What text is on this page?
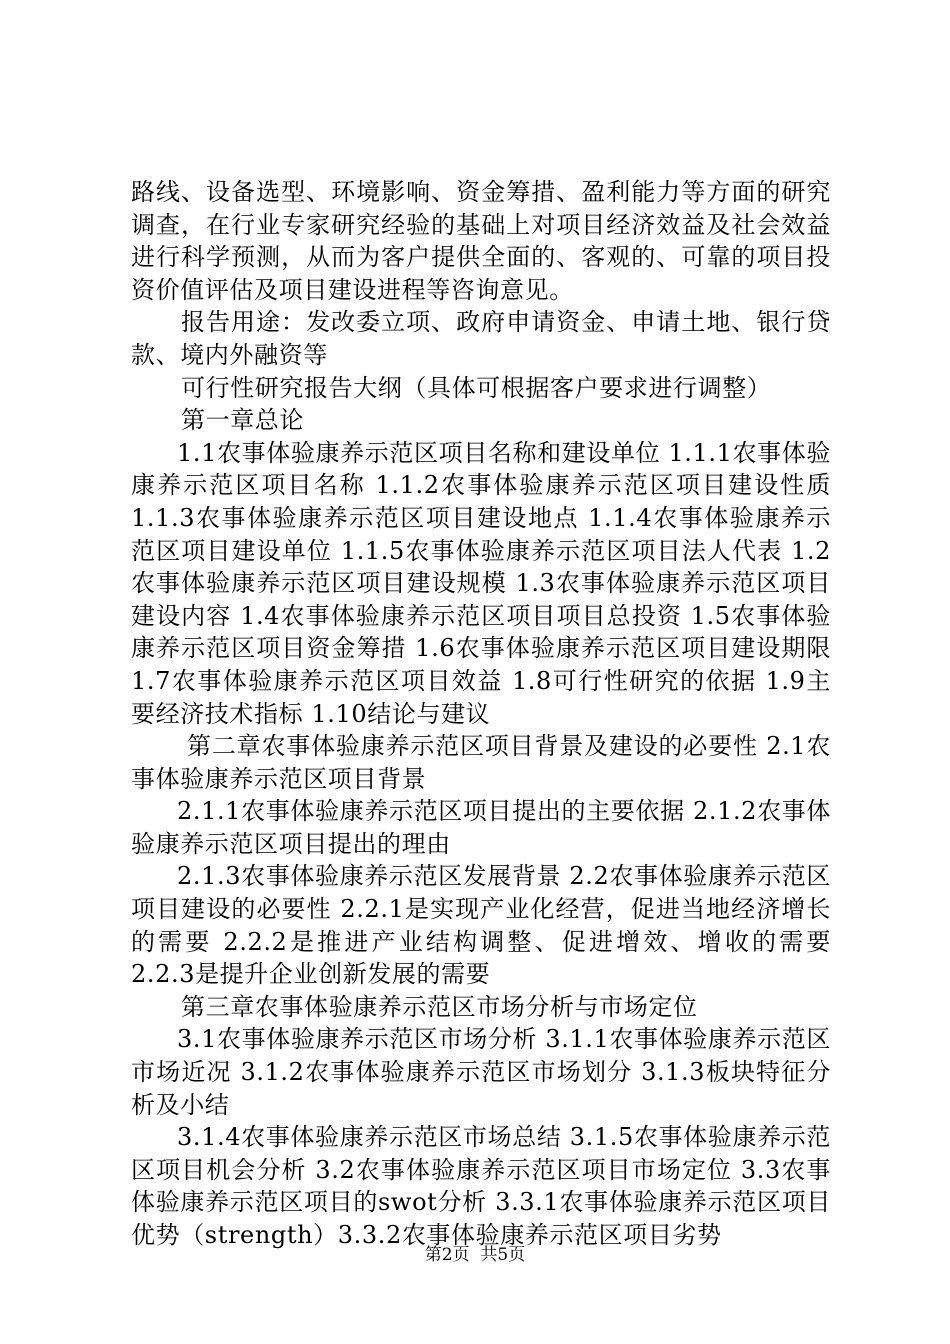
路线、设备选型、环境影响、资金筹措、盈利能力等方面的研究调查，在行业专家研究经验的基础上对项目经济效益及社会效益进行科学预测，从而为客户提供全面的、客观的、可靠的项目投资价值评估及项目建设进程等咨询意见。

报告用途：发改委立项、政府申请资金、申请土地、银行贷款、境内外融资等

可行性研究报告大纲（具体可根据客户要求进行调整）

第一章总论

1.1农事体验康养示范区项目名称和建设单位 1.1.1农事体验康养示范区项目名称 1.1.2农事体验康养示范区项目建设性质 1.1.3农事体验康养示范区项目建设地点 1.1.4农事体验康养示范区项目建设单位 1.1.5农事体验康养示范区项目法人代表 1.2农事体验康养示范区项目建设规模 1.3农事体验康养示范区项目建设内容 1.4农事体验康养示范区项目项目总投资 1.5农事体验康养示范区项目资金筹措 1.6农事体验康养示范区项目建设期限 1.7农事体验康养示范区项目效益 1.8可行性研究的依据 1.9主要经济技术指标 1.10结论与建议

第二章农事体验康养示范区项目背景及建设的必要性 2.1农事体验康养示范区项目背景

2.1.1农事体验康养示范区项目提出的主要依据 2.1.2农事体验康养示范区项目提出的理由

2.1.3农事体验康养示范区发展背景 2.2农事体验康养示范区项目建设的必要性 2.2.1是实现产业化经营，促进当地经济增长的需要 2.2.2是推进产业结构调整、促进增效、增收的需要 2.2.3是提升企业创新发展的需要

第三章农事体验康养示范区市场分析与市场定位

3.1农事体验康养示范区市场分析 3.1.1农事体验康养示范区市场近况 3.1.2农事体验康养示范区市场划分 3.1.3板块特征分析及小结

3.1.4农事体验康养示范区市场总结 3.1.5农事体验康养示范区项目机会分析 3.2农事体验康养示范区项目市场定位 3.3农事体验康养示范区项目的swot分析 3.3.1农事体验康养示范区项目优势（strength）3.3.2农事体验康养示范区项目劣势

第2页 共5页
